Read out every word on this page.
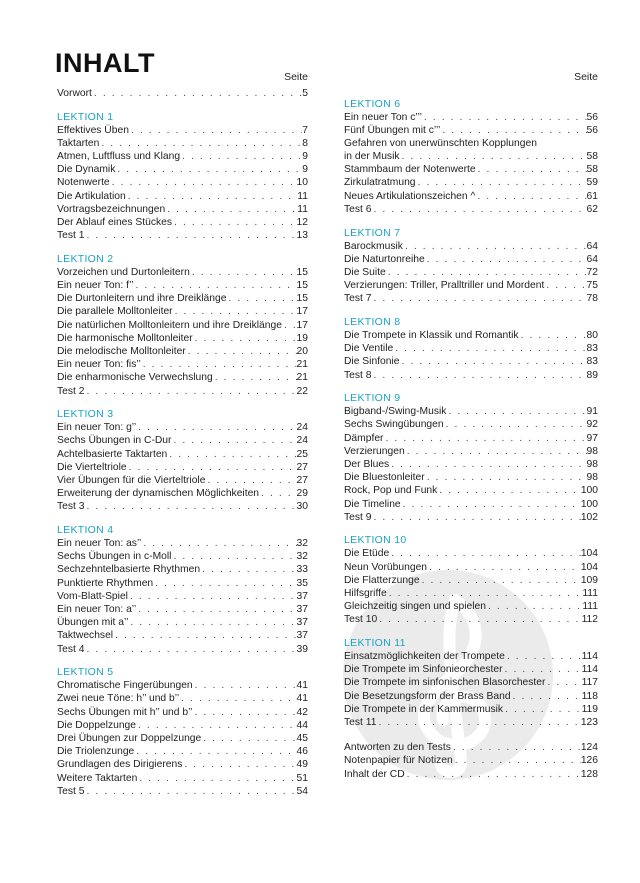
INHALT	Seite
Vorwort . . .	5
LEKTION 1
Effektives Üben . . .	7
Taktarten . . .	8
Atmen, Luftfluss und Klang . . .	9
Die Dynamik . . .	9
Notenwerte . . .	10
Die Artikulation . . .	11
Vortragsbezeichnungen . . .	11
Der Ablauf eines Stückes . . .	12
Test 1 . . .	13
LEKTION 2
Vorzeichen und Durtonleitern . . .	15
Ein neuer Ton: f’’ . . .	15
Die Durtonleitern und ihre Dreiklänge . . .	15
Die parallele Molltonleiter . . .	17
Die natürlichen Molltonleitern und ihre Dreiklänge . . . 17
Die harmonische Molltonleiter . . .	19
Die melodische Molltonleiter . . .	20
Ein neuer Ton: fis’’ . . .	21
Die enharmonische Verwechslung . . .	21
Test 2 . . .	22
LEKTION 3
Ein neuer Ton: g’’ . . .	24
Sechs Übungen in C-Dur . . .	24
Achtelbasierte Taktarten . . .	25
Die Vierteltriole . . .	27
Vier Übungen für die Vierteltriole . . .	27
Erweiterung der dynamischen Möglichkeiten . . .	29
Test 3 . . .	30
LEKTION 4
Ein neuer Ton: as’’ . . .	32
Sechs Übungen in c-Moll . . .	32
Sechzehntelbasierte Rhythmen . . .	33
Punktierte Rhythmen . . .	35
Vom-Blatt-Spiel . . .	37
Ein neuer Ton: a’’ . . .	37
Übungen mit a’’ . . .	37
Taktwechsel . . .	37
Test 4 . . .	39
LEKTION 5
Chromatische Fingerübungen . . .	41
Zwei neue Töne: h’’ und b’’ . . .	41
Sechs Übungen mit h’’ und b’’ . . .	42
Die Doppelzunge . . .	44
Drei Übungen zur Doppelzunge . . .	45
Die Triolenzunge . . .	46
Grundlagen des Dirigierens . . .	49
Weitere Taktarten . . .	51
Test 5 . . .	54
Seite
LEKTION 6
Ein neuer Ton c’’’ . . .	56
Fünf Übungen mit c’’’ . . .	56
Gefahren von unerwünschten Kopplungen
in der Musik . . .	58
Stammbaum der Notenwerte . . .	58
Zirkulatratmung . . .	59
Neues Artikulationszeichen ^ . . .	61
Test 6 . . .	62
LEKTION 7
Barockmusik . . .	64
Die Naturtonreihe . . .	64
Die Suite . . .	72
Verzierungen: Triller, Pralltriller und Mordent . . .	75
Test 7 . . .	78
LEKTION 8
Die Trompete in Klassik und Romantik . . .	80
Die Ventile . . .	83
Die Sinfonie . . .	83
Test 8 . . .	89
LEKTION 9
Bigband-/Swing-Musik . . .	91
Sechs Swingübungen . . .	92
Dämpfer . . .	97
Verzierungen . . .	98
Der Blues . . .	98
Die Bluestonleiter . . .	98
Rock, Pop und Funk . . .	100
Die Timeline . . .	100
Test 9 . . .	102
LEKTION 10
Die Etüde . . .	104
Neun Vorübungen . . .	104
Die Flatterzunge . . .	109
Hilfsgriffe . . .	111
Gleichzeitig singen und spielen . . .	111
Test 10 . . .	112
LEKTION 11
Einsatzmöglichkeiten der Trompete . . .	114
Die Trompete im Sinfonieorchester . . .	114
Die Trompete im sinfonischen Blasorchester . . .	117
Die Besetzungsform der Brass Band . . .	118
Die Trompete in der Kammermusik . . .	119
Test 11 . . .	123
Antworten zu den Tests . . .	124
Notenpapier für Notizen . . .	126
Inhalt der CD . . .	128
